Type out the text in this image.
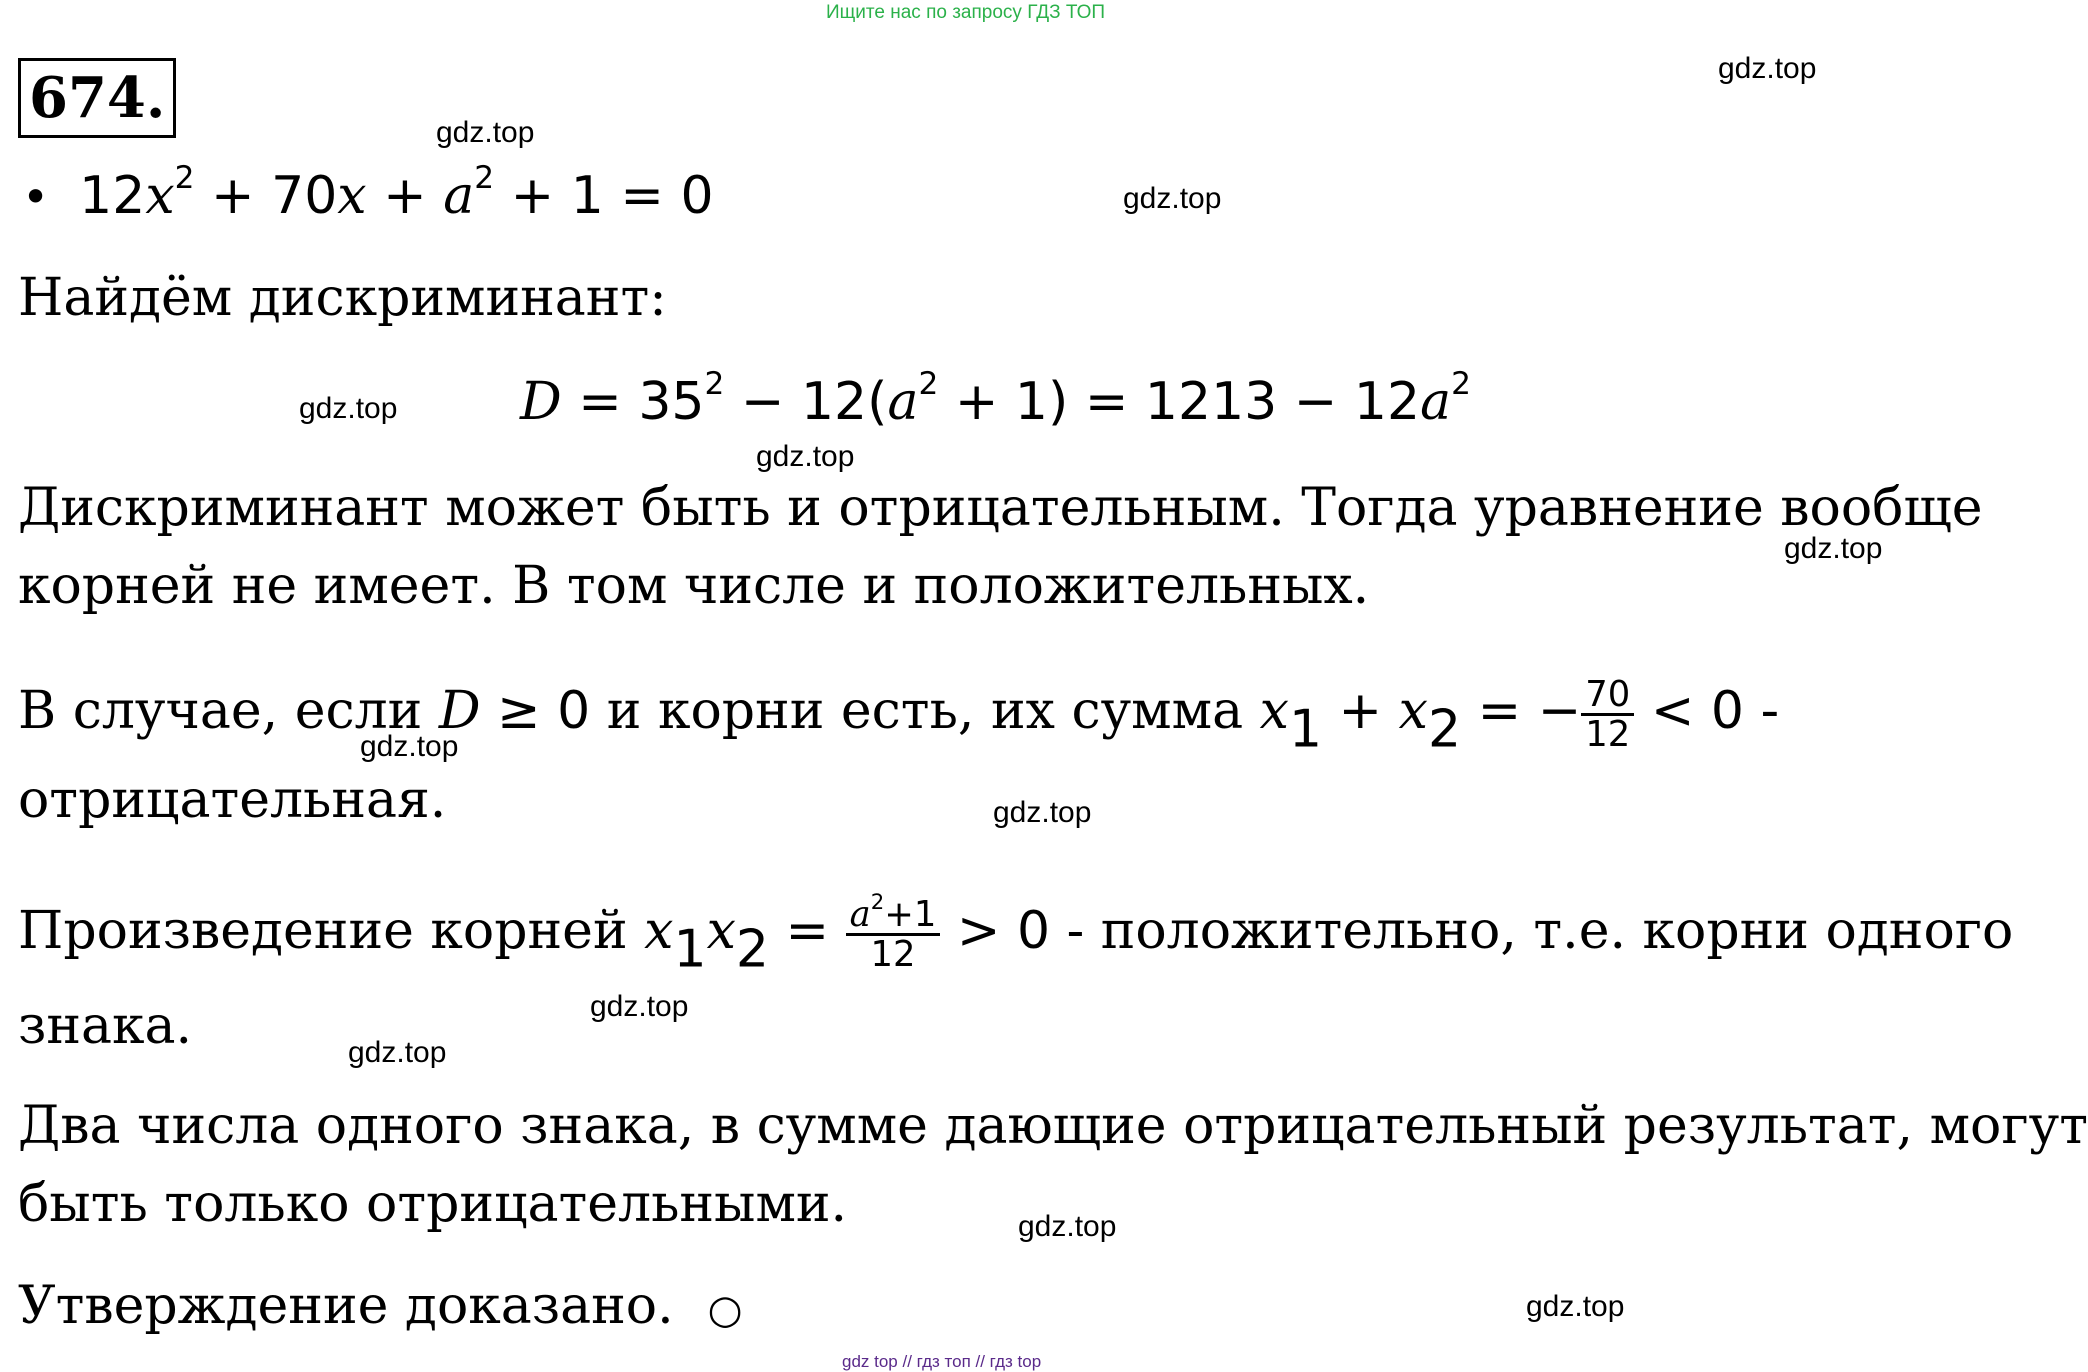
Ищите нас по запросу ГДЗ ТОП
674.	gdz.top
gdz.top
gdz.top
gdz.top
gdz.top
gdz.top
gdz.top
gdz.top
gdz.top
gdz.top
gdz.top
gdz.top
• $12x^2 + 70x + a^2 + 1 = 0$
Найдём дискриминант:
$D = 35^2 - 12(a^2 + 1) = 1213 - 12a^2$
Дискриминант может быть и отрицательным. Тогда уравнение вообще
корней не имеет. В том числе и положительных.
В случае, если D ≥ 0 и корни есть, их сумма $x_1 + x_2$ = − $\frac{70}{12} < 0$ -
отрицательная.
Произведение корней $x_1x_2 = \frac{a^2+1}{12} > 0$ - положительно, т.е. корни одного
знака.
Два числа одного знака, в сумме дающие отрицательный результат, могут
быть только отрицательными.
Утверждение доказано. ○
gdz top // гдз топ // гдз top
